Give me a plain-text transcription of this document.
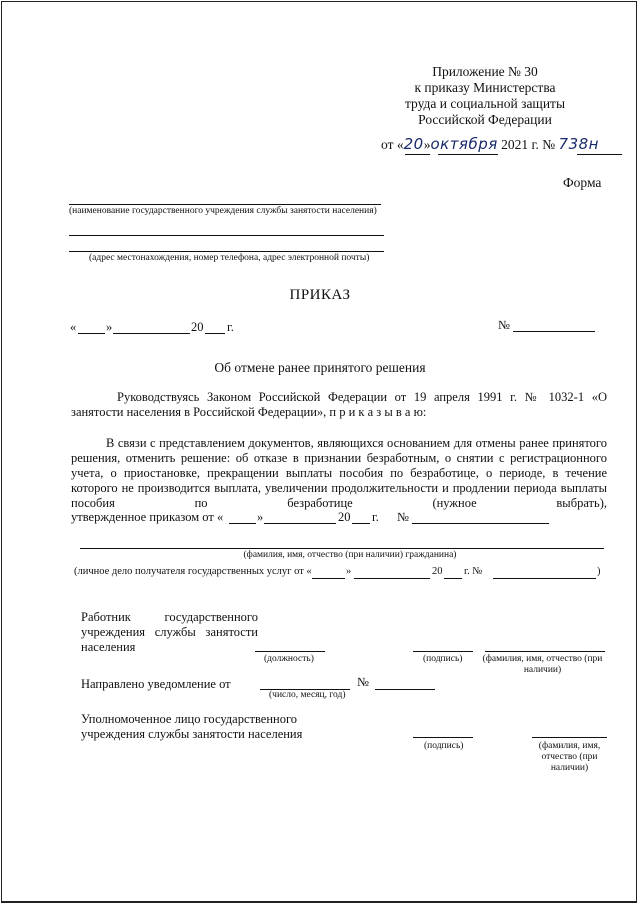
Приложение № 30
к приказу Министерства
труда и социальной защиты
Российской Федерации
от «20»октября 2021 г. № 738н
Форма
(наименование государственного учреждения службы занятости населения)
(адрес местонахождения, номер телефона, адрес электронной почты)
ПРИКАЗ
« »	20 г.	№
Об отмене ранее принятого решения
Руководствуясь Законом Российской Федерации от 19 апреля 1991 г. № 1032-1 «О занятости населения в Российской Федерации», п р и к а з ы в а ю:
В связи с представлением документов, являющихся основанием для отмены ранее принятого решения, отменить решение: об отказе в признании безработным, о снятии с регистрационного учета, о приостановке, прекращении выплаты пособия по безработице, о периоде, в течение которого не производится выплата, увеличении продолжительности и продлении периода выплаты пособия по безработице (нужное выбрать),
утвержденное приказом от «	»	20 г. №
(фамилия, имя, отчество (при наличии) гражданина)
(личное дело получателя государственных услуг от «	»	20 г. №	)
Работник государственного учреждения службы занятости населения
(должность)	(подпись) (фамилия, имя, отчество (при наличии)
Направлено уведомление от	№
(число, месяц, год)
Уполномоченное лицо государственного учреждения службы занятости населения
(подпись)	(фамилия, имя, отчество (при наличии)
